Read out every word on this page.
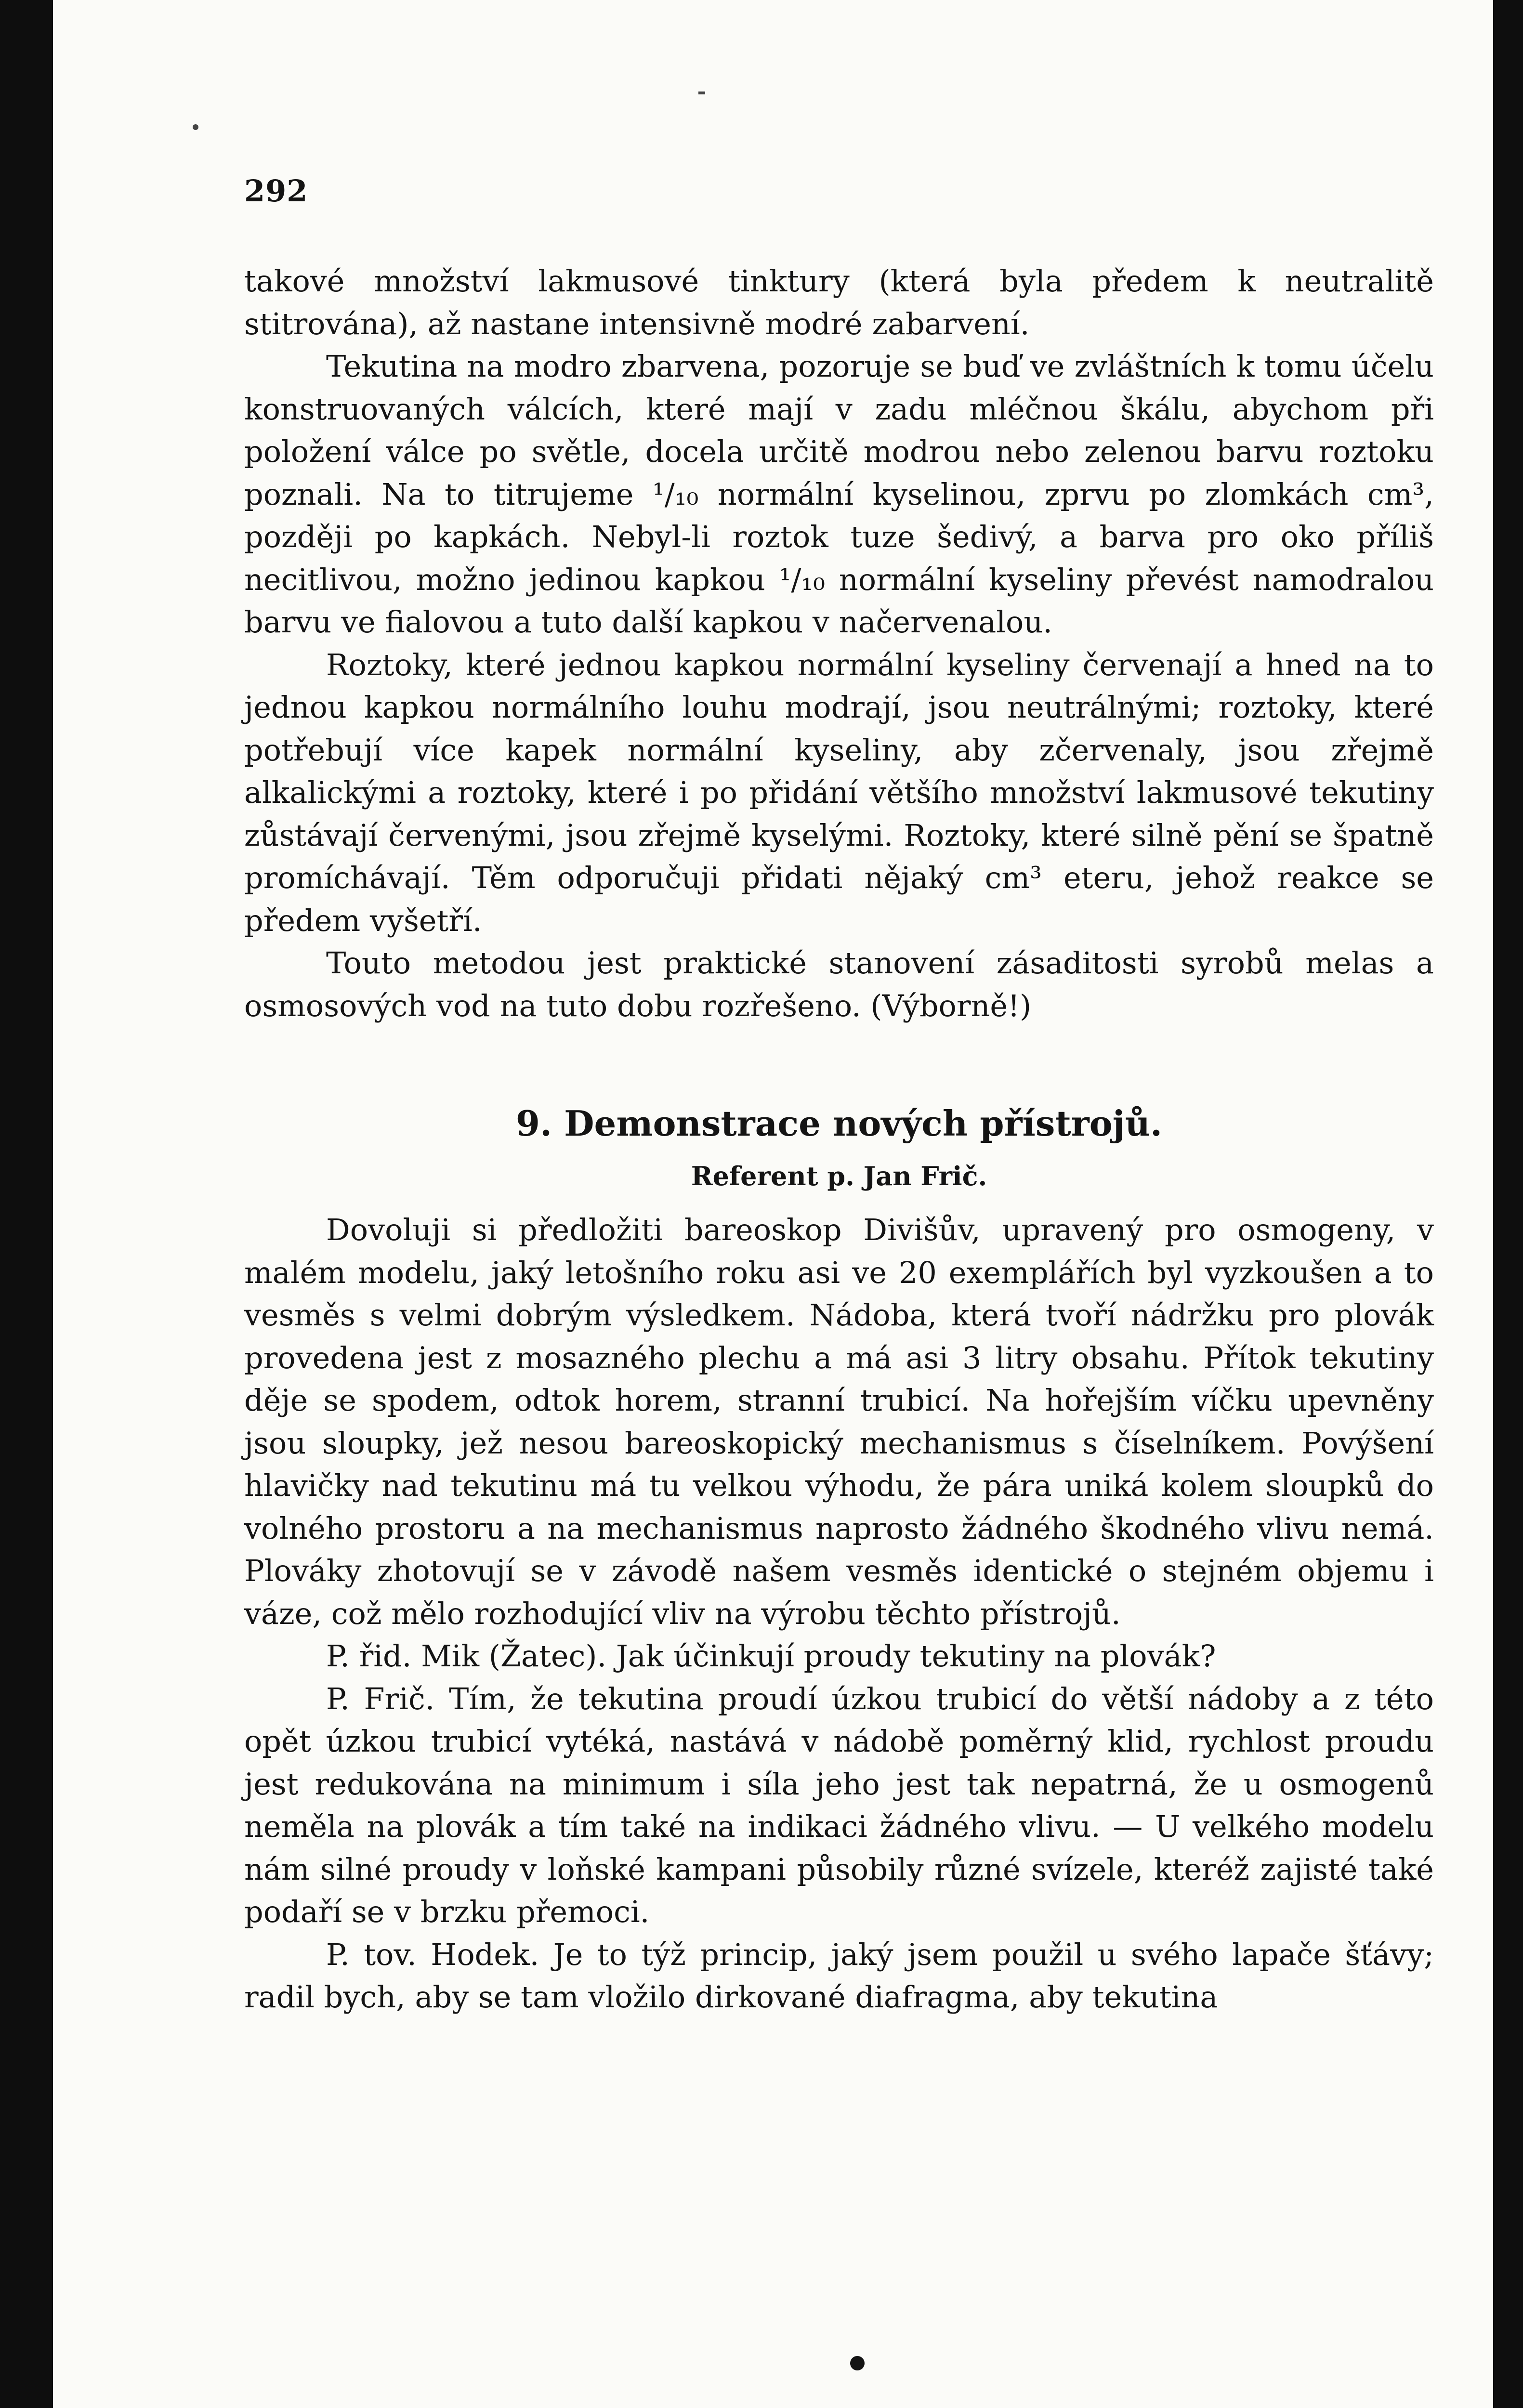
292

takové množství lakmusové tinktury (která byla předem k neutralitě stitrována), až nastane intensivně modré zabarvení.

Tekutina na modro zbarvena, pozoruje se buď ve zvláštních k tomu účelu konstruovaných válcích, které mají v zadu mléčnou škálu, abychom při položení válce po světle, docela určitě modrou nebo zelenou barvu roztoku poznali. Na to titrujeme ¹/₁₀ normální kyselinou, zprvu po zlomkách cm³, později po kapkách. Nebyl-li roztok tuze šedivý, a barva pro oko příliš necitlivou, možno jedinou kapkou ¹/₁₀ normální kyseliny převést namodralou barvu ve fialovou a tuto další kapkou v načervenalou.

Roztoky, které jednou kapkou normální kyseliny červenají a hned na to jednou kapkou normálního louhu modrají, jsou neutrálnými; roztoky, které potřebují více kapek normální kyseliny, aby zčervenaly, jsou zřejmě alkalickými a roztoky, které i po přidání většího množství lakmusové tekutiny zůstávají červenými, jsou zřejmě kyselými. Roztoky, které silně pění se špatně promíchávají. Těm odporučuji přidati nějaký cm³ eteru, jehož reakce se předem vyšetří.

Touto metodou jest praktické stanovení zásaditosti syrobů melas a osmosových vod na tuto dobu rozřešeno. (Výborně!)

9. Demonstrace nových přístrojů.
Referent p. Jan Frič.

Dovoluji si předložiti bareoskop Divišův, upravený pro osmogeny, v malém modelu, jaký letošního roku asi ve 20 exemplářích byl vyzkoušen a to vesměs s velmi dobrým výsledkem. Nádoba, která tvoří nádržku pro plovák provedena jest z mosazného plechu a má asi 3 litry obsahu. Přítok tekutiny děje se spodem, odtok horem, stranní trubicí. Na hořejším víčku upevněny jsou sloupky, jež nesou bareoskopický mechanismus s číselníkem. Povýšení hlavičky nad tekutinu má tu velkou výhodu, že pára uniká kolem sloupků do volného prostoru a na mechanismus naprosto žádného škodného vlivu nemá. Plováky zhotovují se v závodě našem vesměs identické o stejném objemu i váze, což mělo rozhodující vliv na výrobu těchto přístrojů.

P. řid. Mik (Žatec). Jak účinkují proudy tekutiny na plovák?

P. Frič. Tím, že tekutina proudí úzkou trubicí do větší nádoby a z této opět úzkou trubicí vytéká, nastává v nádobě poměrný klid, rychlost proudu jest redukována na minimum i síla jeho jest tak nepatrná, že u osmogenů neměla na plovák a tím také na indikaci žádného vlivu. — U velkého modelu nám silné proudy v loňské kampani působily různé svízele, kteréž zajisté také podaří se v brzku přemoci.

P. tov. Hodek. Je to týž princip, jaký jsem použil u svého lapače šťávy; radil bych, aby se tam vložilo dirkované diafragma, aby tekutina
